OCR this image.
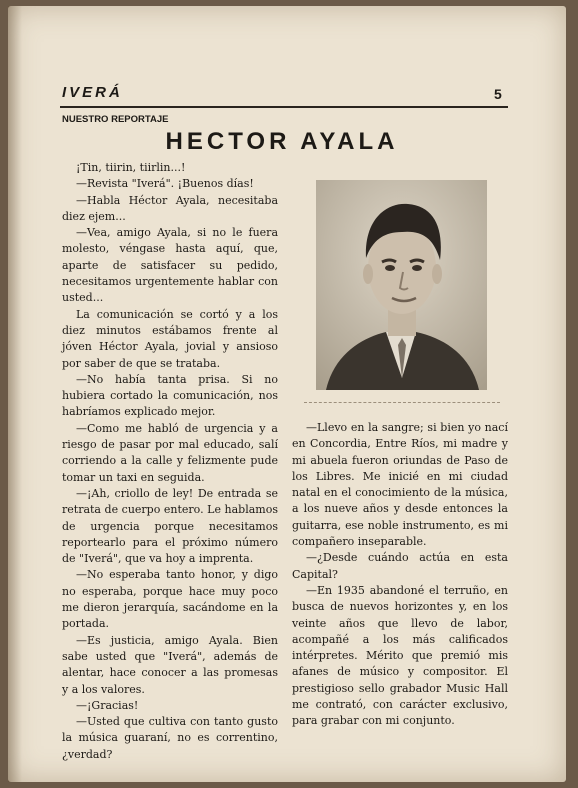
IVERÁ	5
NUESTRO REPORTAJE
HECTOR AYALA

¡Tin, tiirin, tiirlin...!

—Revista "Iverá". ¡Buenos días!

—Habla Héctor Ayala, necesitaba diez ejem...

—Vea, amigo Ayala, si no le fuera molesto, véngase hasta aquí, que, aparte de satisfacer su pedido, necesitamos urgentemente hablar con usted...

La comunicación se cortó y a los diez minutos estábamos frente al jóven Héctor Ayala, jovial y ansioso por saber de que se trataba.

—No había tanta prisa. Si no hubiera cortado la comunicación, nos habríamos explicado mejor.

—Como me habló de urgencia y a riesgo de pasar por mal educado, salí corriendo a la calle y felizmente pude tomar un taxi en seguida.

—¡Ah, criollo de ley! De entrada se retrata de cuerpo entero. Le hablamos de urgencia porque necesitamos reportearlo para el próximo número de "Iverá", que va hoy a imprenta.

—No esperaba tanto honor, y digo no esperaba, porque hace muy poco me dieron jerarquía, sacándome en la portada.

—Es justicia, amigo Ayala. Bien sabe usted que "Iverá", además de alentar, hace conocer a las promesas y a los valores.

—¡Gracias!

—Usted que cultiva con tanto gusto la música guaraní, no es correntino, ¿verdad?

—Llevo en la sangre; si bien yo nací en Concordia, Entre Ríos, mi madre y mi abuela fueron oriundas de Paso de los Libres. Me inicié en mi ciudad natal en el conocimiento de la música, a los nueve años y desde entonces la guitarra, ese noble instrumento, es mi compañero inseparable.

—¿Desde cuándo actúa en esta Capital?

—En 1935 abandoné el terruño, en busca de nuevos horizontes y, en los veinte años que llevo de labor, acompañé a los más calificados intérpretes. Mérito que premió mis afanes de músico y compositor. El prestigioso sello grabador Music Hall me contrató, con carácter exclusivo, para grabar con mi conjunto.
